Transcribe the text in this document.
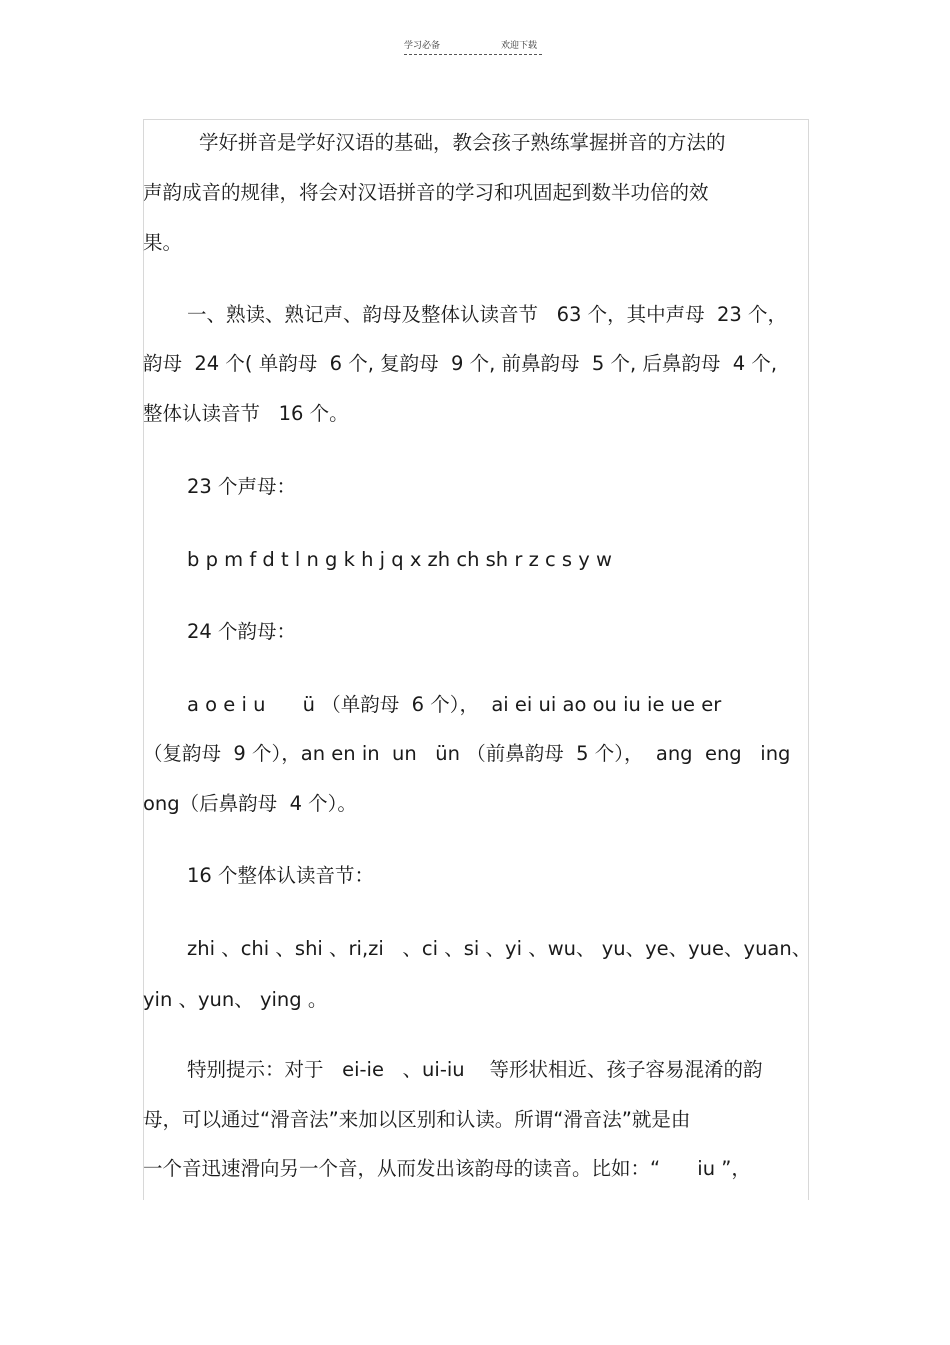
学习必备	欢迎下载
学好拼音是学好汉语的基础，教会孩子熟练掌握拼音的方法的
声韵成音的规律，将会对汉语拼音的学习和巩固起到数半功倍的效
果。
一、熟读、熟记声、韵母及整体认读音节   63 个，其中声母  23 个，
韵母  24 个( 单韵母  6 个, 复韵母  9 个, 前鼻韵母  5 个, 后鼻韵母  4 个,
整体认读音节   16 个。
23 个声母：
b p m f d t l n g k h j q x zh ch sh r z c s y w
24 个韵母：
a o e i u      ü （单韵母  6 个），  ai ei ui ao ou iu ie ue er
（复韵母  9 个），an en in  un   ün （前鼻韵母  5 个），  ang  eng   ing
ong（后鼻韵母  4 个）。
16 个整体认读音节：
zhi 、chi 、shi 、ri,zi   、ci 、si 、yi 、wu、 yu、ye、yue、yuan、
yin 、yun、 ying 。
特别提示：对于   ei-ie   、ui-iu    等形状相近、孩子容易混淆的韵
母，可以通过“滑音法”来加以区别和认读。所谓“滑音法”就是由
一个音迅速滑向另一个音，从而发出该韵母的读音。比如：“      iu ”，
